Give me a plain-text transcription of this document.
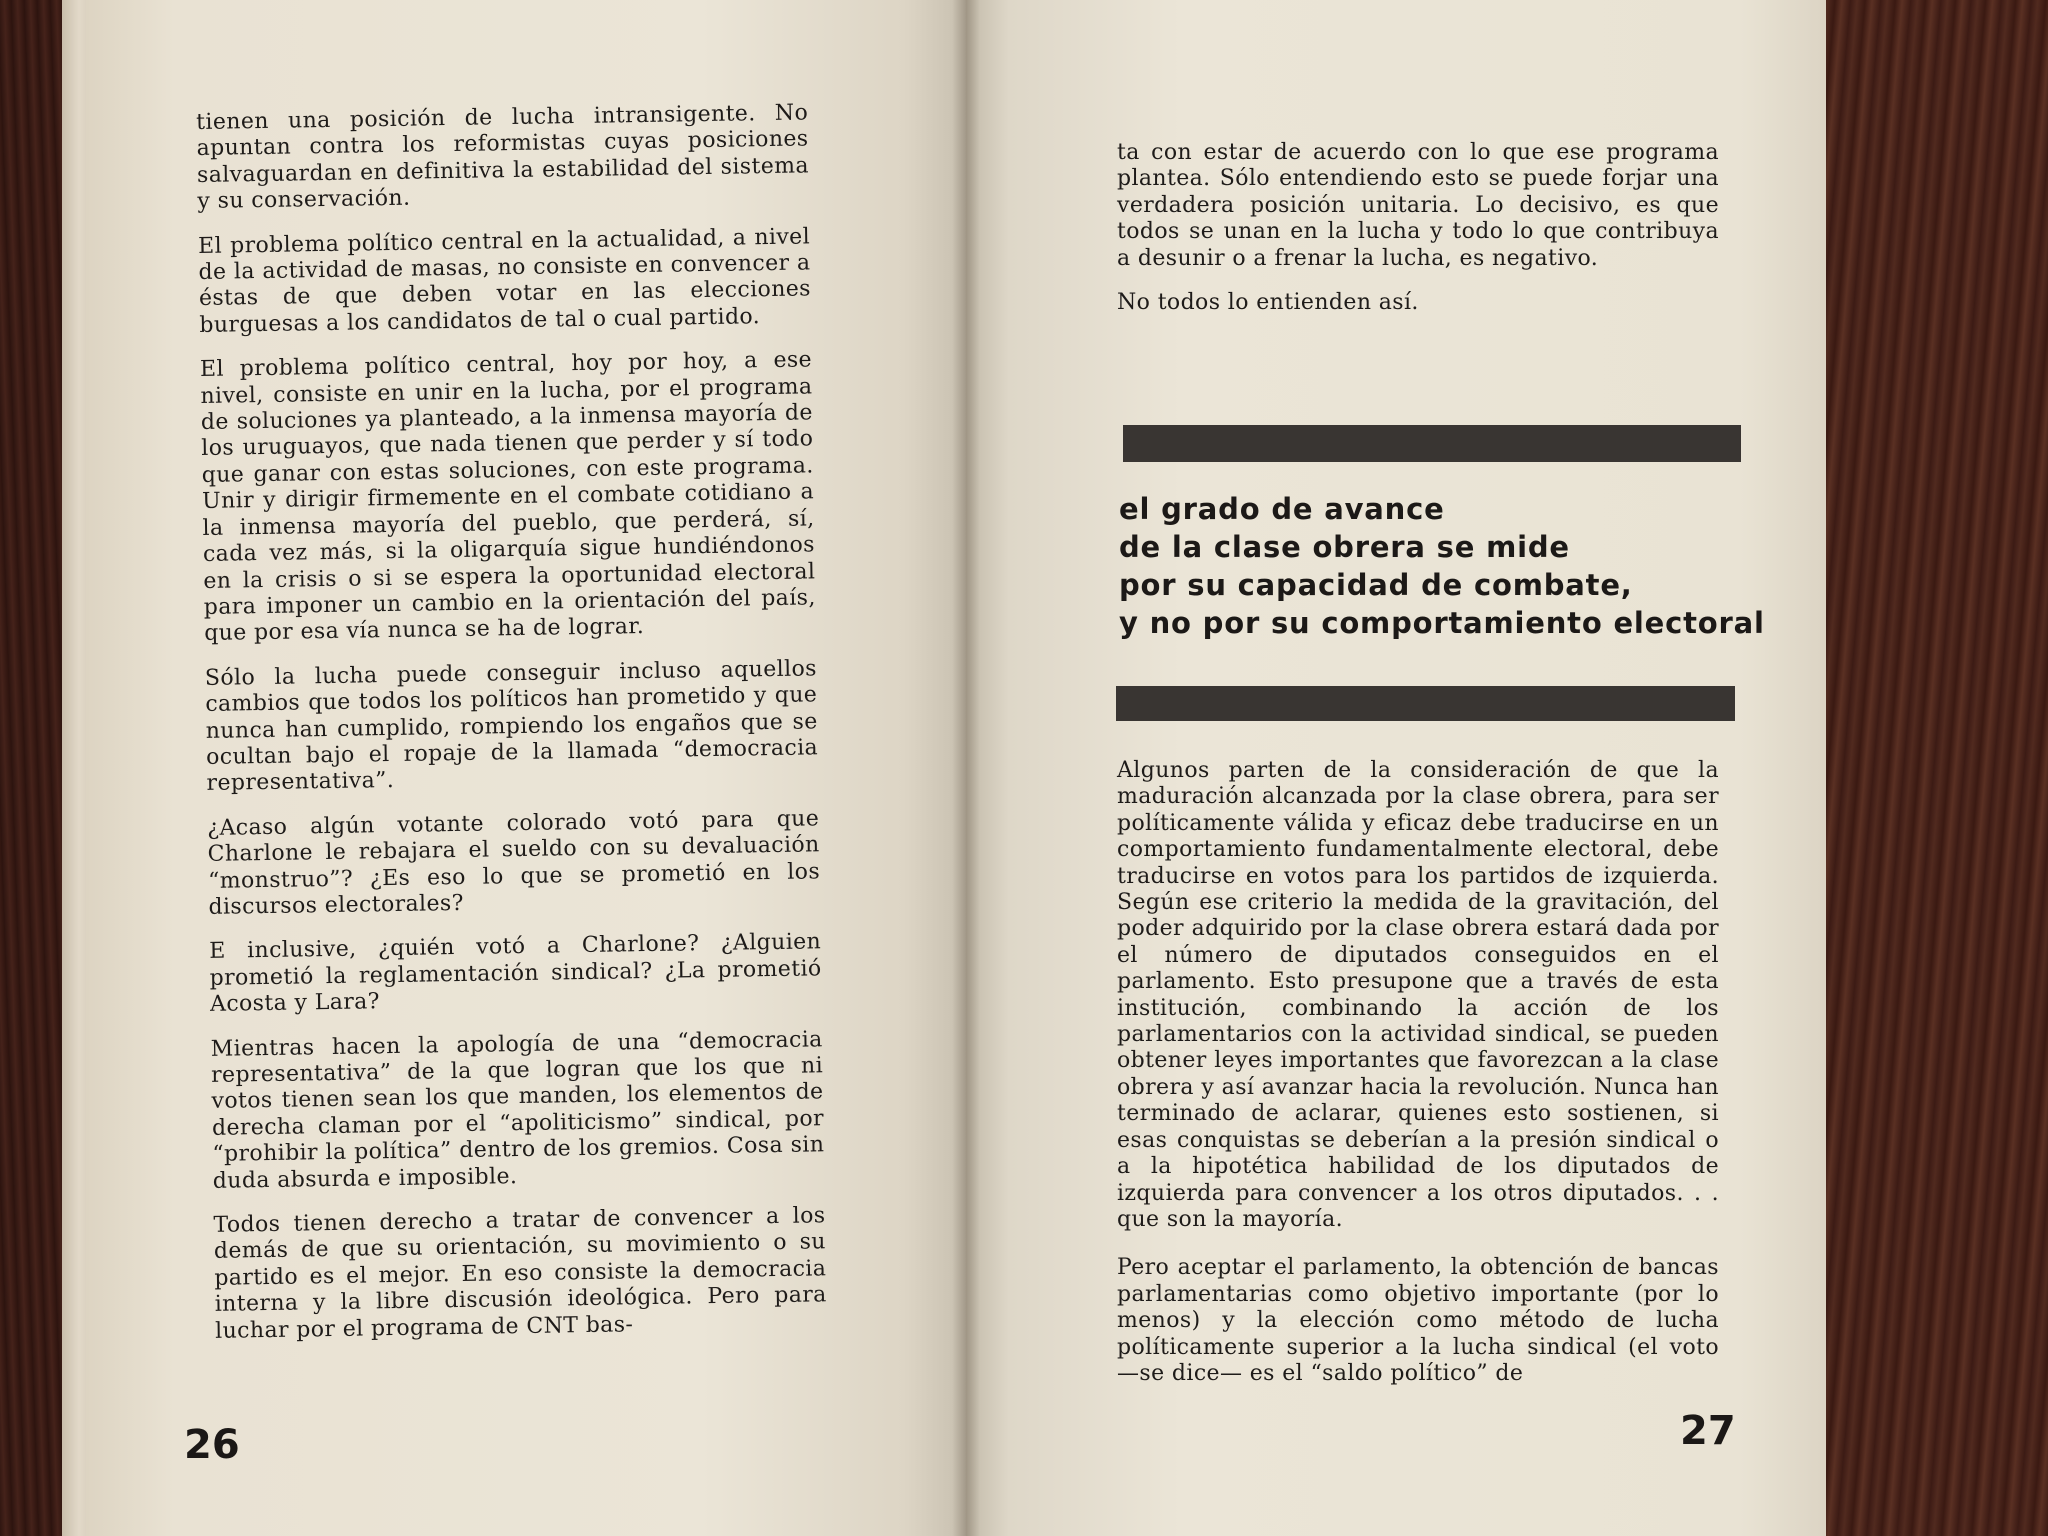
tienen una posición de lucha intransigente. No apuntan contra los reformistas cuyas posiciones salvaguardan en definitiva la estabilidad del sistema y su conservación.

El problema político central en la actualidad, a nivel de la actividad de masas, no consiste en convencer a éstas de que deben votar en las elecciones burguesas a los candidatos de tal o cual partido.

El problema político central, hoy por hoy, a ese nivel, consiste en unir en la lucha, por el programa de soluciones ya planteado, a la inmensa mayoría de los uruguayos, que nada tienen que perder y sí todo que ganar con estas soluciones, con este programa. Unir y dirigir firmemente en el combate cotidiano a la inmensa mayoría del pueblo, que perderá, sí, cada vez más, si la oligarquía sigue hundiéndonos en la crisis o si se espera la oportunidad electoral para imponer un cambio en la orientación del país, que por esa vía nunca se ha de lograr.

Sólo la lucha puede conseguir incluso aquellos cambios que todos los políticos han prometido y que nunca han cumplido, rompiendo los engaños que se ocultan bajo el ropaje de la llamada “democracia representativa”.

¿Acaso algún votante colorado votó para que Charlone le rebajara el sueldo con su devaluación “monstruo”? ¿Es eso lo que se prometió en los discursos electorales?

E inclusive, ¿quién votó a Charlone? ¿Alguien prometió la reglamentación sindical? ¿La prometió Acosta y Lara?

Mientras hacen la apología de una “democracia representativa” de la que logran que los que ni votos tienen sean los que manden, los elementos de derecha claman por el “apoliticismo” sindical, por “prohibir la política” dentro de los gremios. Cosa sin duda absurda e imposible.

Todos tienen derecho a tratar de convencer a los demás de que su orientación, su movimiento o su partido es el mejor. En eso consiste la democracia interna y la libre discusión ideológica. Pero para luchar por el programa de CNT bas-

26

ta con estar de acuerdo con lo que ese programa plantea. Sólo entendiendo esto se puede forjar una verdadera posición unitaria. Lo decisivo, es que todos se unan en la lucha y todo lo que contribuya a desunir o a frenar la lucha, es negativo.

No todos lo entienden así.

el grado de avance
de la clase obrera se mide
por su capacidad de combate,
y no por su comportamiento electoral

Algunos parten de la consideración de que la maduración alcanzada por la clase obrera, para ser políticamente válida y eficaz debe traducirse en un comportamiento fundamentalmente electoral, debe traducirse en votos para los partidos de izquierda. Según ese criterio la medida de la gravitación, del poder adquirido por la clase obrera estará dada por el número de diputados conseguidos en el parlamento. Esto presupone que a través de esta institución, combinando la acción de los parlamentarios con la actividad sindical, se pueden obtener leyes importantes que favorezcan a la clase obrera y así avanzar hacia la revolución. Nunca han terminado de aclarar, quienes esto sostienen, si esas conquistas se deberían a la presión sindical o a la hipotética habilidad de los diputados de izquierda para convencer a los otros diputados. . . que son la mayoría.

Pero aceptar el parlamento, la obtención de bancas parlamentarias como objetivo importante (por lo menos) y la elección como método de lucha políticamente superior a la lucha sindical (el voto —se dice— es el “saldo político” de

27
